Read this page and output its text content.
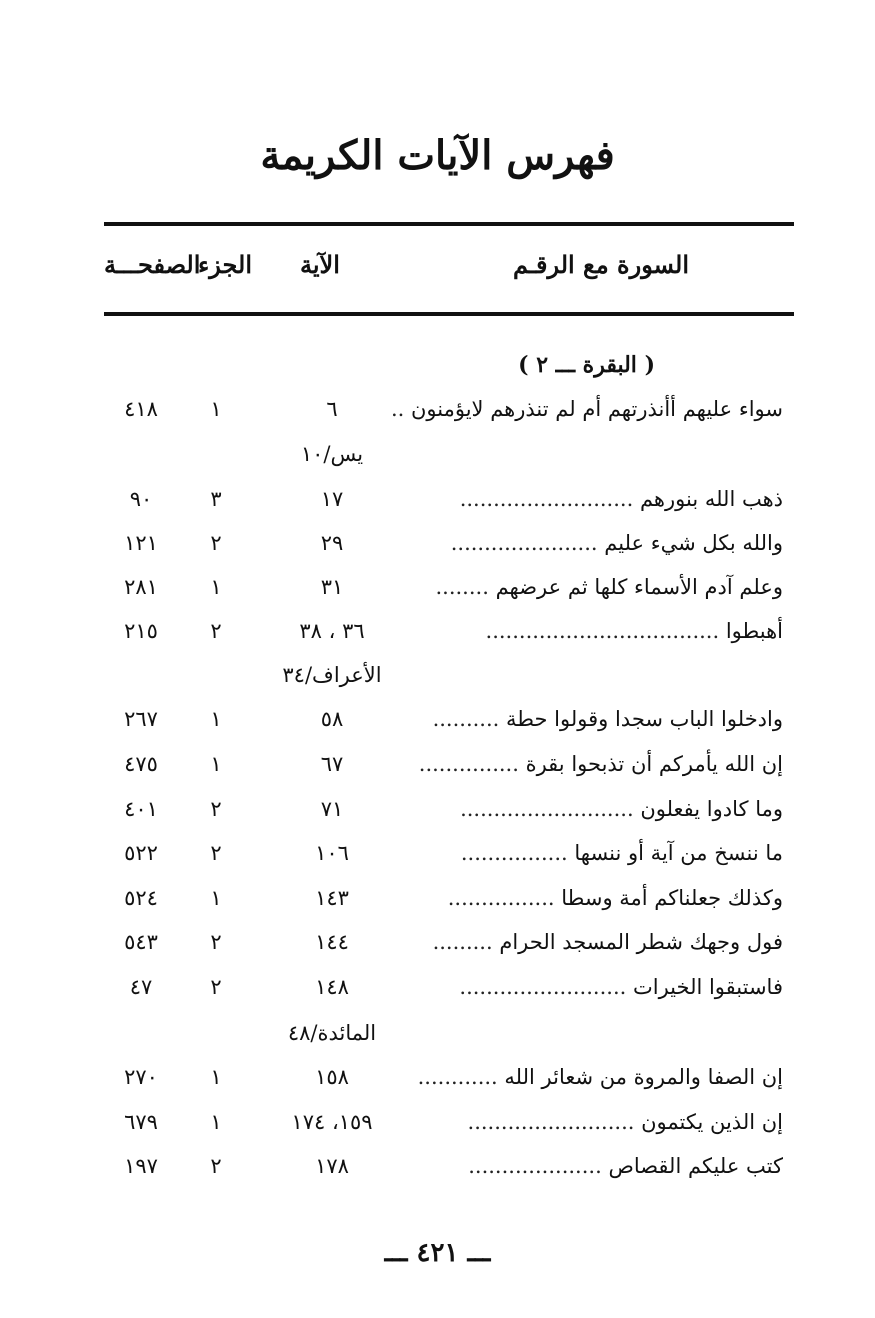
فهرس الآيات الكريمة
السورة مع الرقـم
الآية
الجزء
الصفحـــة
( البقرة ـــ ٢ )
سواء عليهم أأنذرتهم أم لم تنذرهم لايؤمنون ..
٦
١
٤١٨
يس/١٠
ذهب الله بنورهم ..........................
١٧
٣
٩٠
والله بكل شيء عليم ......................
٢٩
٢
١٢١
وعلم آدم الأسماء كلها ثم عرضهم ........
٣١
١
٢٨١
أهبطوا ...................................
٣٦ ، ٣٨
٢
٢١٥
الأعراف/٣٤
وادخلوا الباب سجدا وقولوا حطة ..........
٥٨
١
٢٦٧
إن الله يأمركم أن تذبحوا بقرة ...............
٦٧
١
٤٧٥
وما كادوا يفعلون ..........................
٧١
٢
٤٠١
ما ننسخ من آية أو ننسها ................
١٠٦
٢
٥٢٢
وكذلك جعلناكم أمة وسطا ................
١٤٣
١
٥٢٤
فول وجهك شطر المسجد الحرام .........
١٤٤
٢
٥٤٣
فاستبقوا الخيرات .........................
١٤٨
٢
٤٧
المائدة/٤٨
إن الصفا والمروة من شعائر الله ............
١٥٨
١
٢٧٠
إن الذين يكتمون .........................
١٥٩، ١٧٤
١
٦٧٩
كتب عليكم القصاص ....................
١٧٨
٢
١٩٧
ـــ ٤٢١ ـــ
